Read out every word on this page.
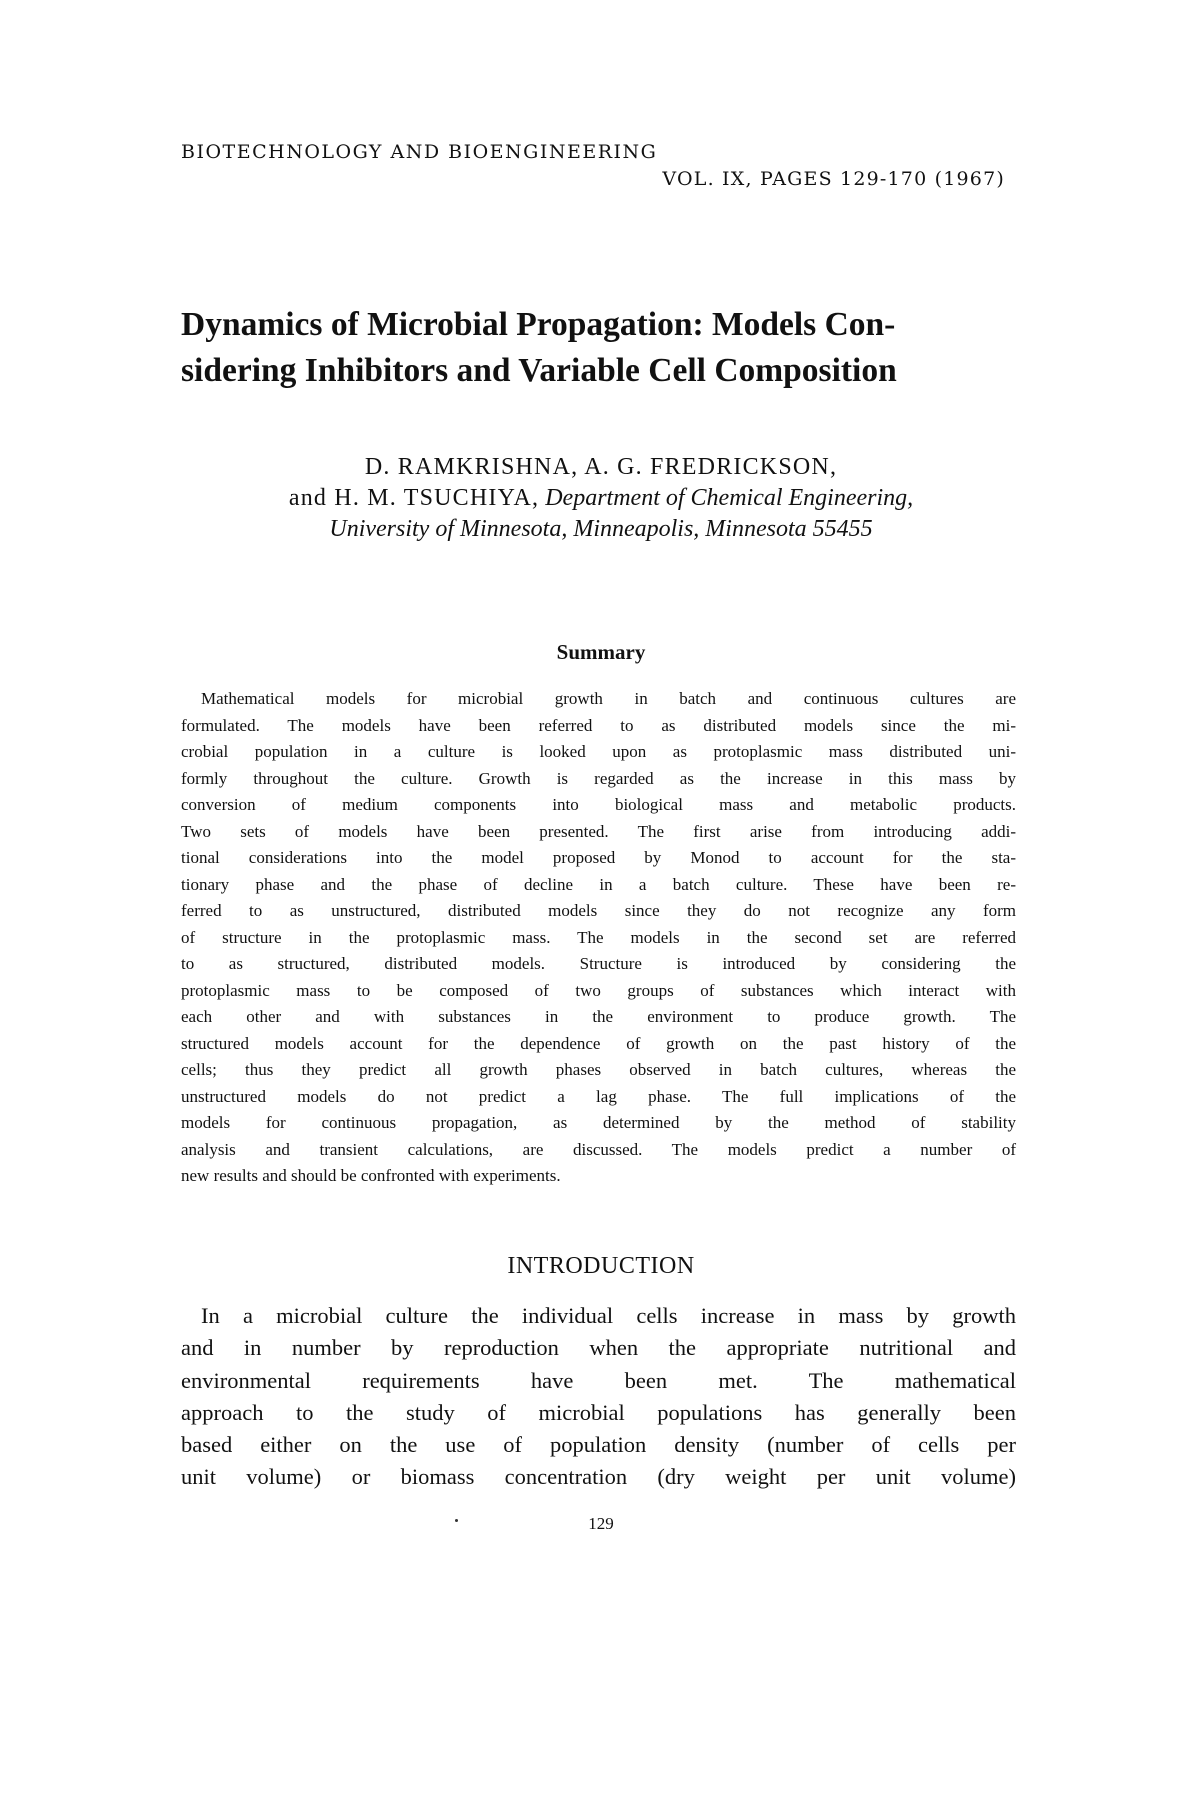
BIOTECHNOLOGY AND BIOENGINEERING
VOL. IX, PAGES 129-170 (1967)
Dynamics of Microbial Propagation: Models Con-
sidering Inhibitors and Variable Cell Composition
D. RAMKRISHNA, A. G. FREDRICKSON,
and H. M. TSUCHIYA, Department of Chemical Engineering,
University of Minnesota, Minneapolis, Minnesota 55455
Summary
Mathematical models for microbial growth in batch and continuous cultures are
formulated. The models have been referred to as distributed models since the mi-
crobial population in a culture is looked upon as protoplasmic mass distributed uni-
formly throughout the culture. Growth is regarded as the increase in this mass by
conversion of medium components into biological mass and metabolic products.
Two sets of models have been presented. The first arise from introducing addi-
tional considerations into the model proposed by Monod to account for the sta-
tionary phase and the phase of decline in a batch culture. These have been re-
ferred to as unstructured, distributed models since they do not recognize any form
of structure in the protoplasmic mass. The models in the second set are referred
to as structured, distributed models. Structure is introduced by considering the
protoplasmic mass to be composed of two groups of substances which interact with
each other and with substances in the environment to produce growth. The
structured models account for the dependence of growth on the past history of the
cells; thus they predict all growth phases observed in batch cultures, whereas the
unstructured models do not predict a lag phase. The full implications of the
models for continuous propagation, as determined by the method of stability
analysis and transient calculations, are discussed. The models predict a number of
new results and should be confronted with experiments.
INTRODUCTION
In a microbial culture the individual cells increase in mass by growth
and in number by reproduction when the appropriate nutritional and
environmental requirements have been met. The mathematical
approach to the study of microbial populations has generally been
based either on the use of population density (number of cells per
unit volume) or biomass concentration (dry weight per unit volume)
129
